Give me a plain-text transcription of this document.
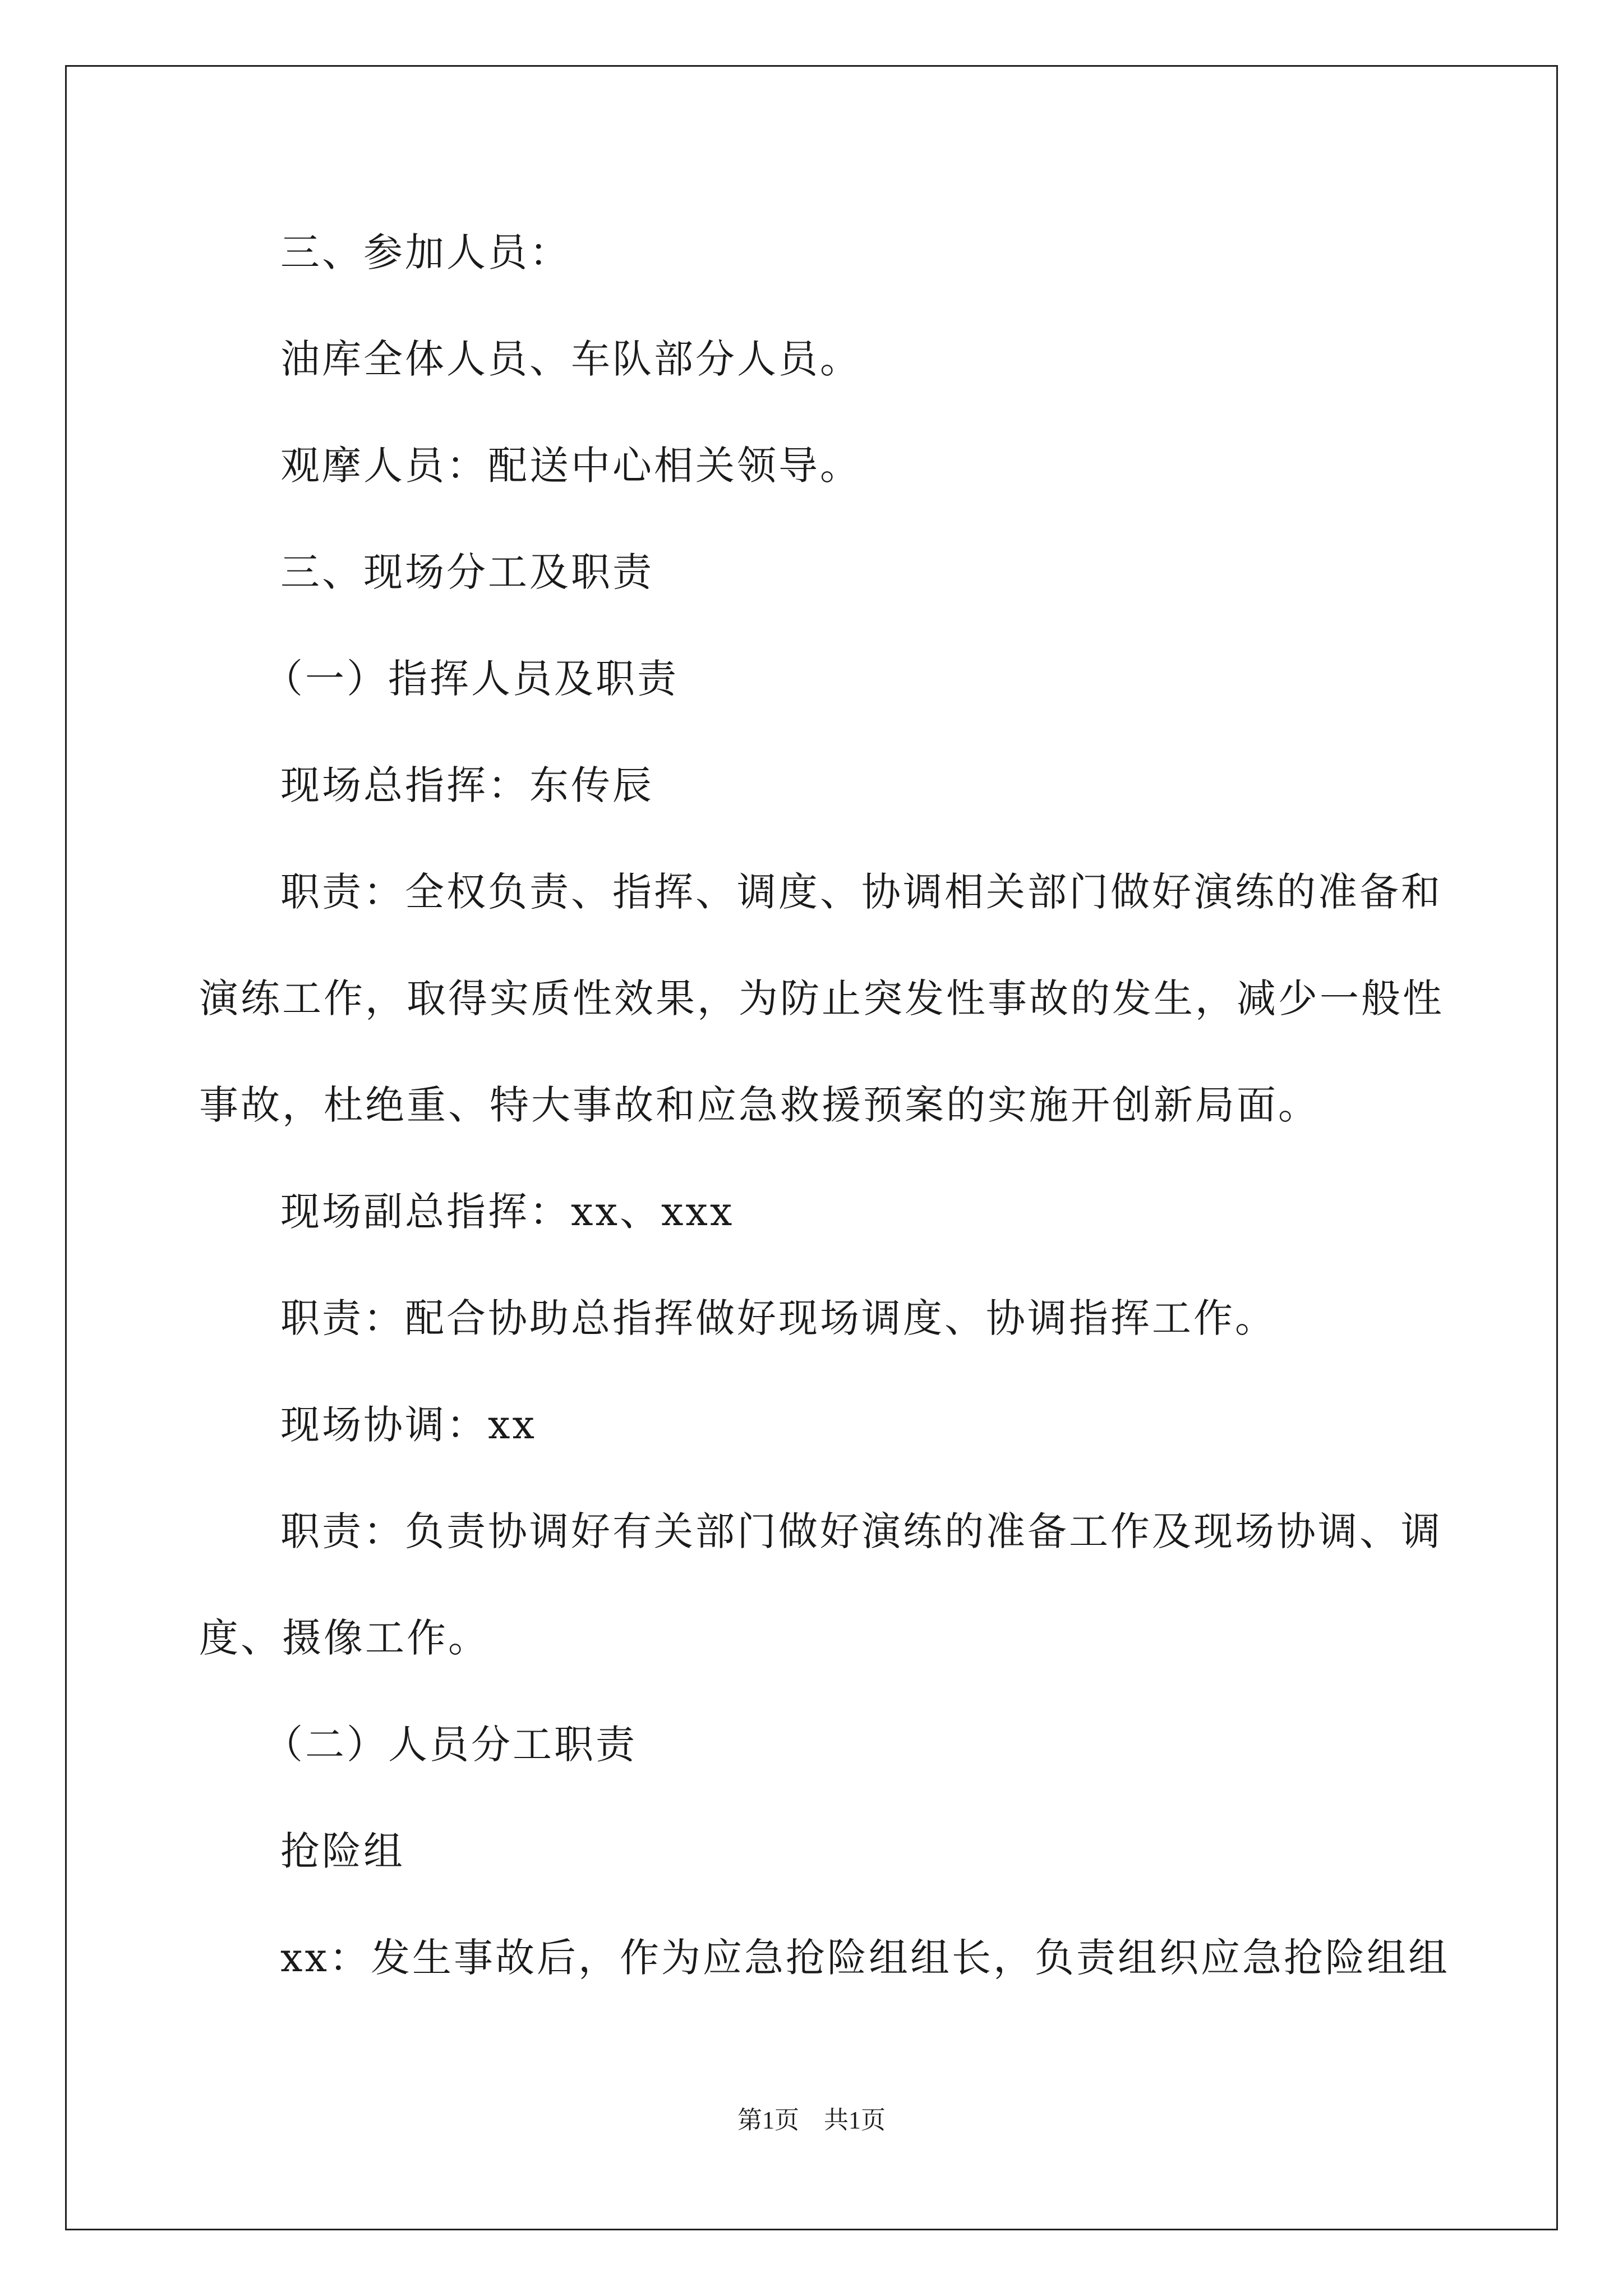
三、参加人员：
油库全体人员、车队部分人员。
观摩人员：配送中心相关领导。
三、现场分工及职责
（一）指挥人员及职责
现场总指挥：东传辰
职责：全权负责、指挥、调度、协调相关部门做好演练的准备和
演练工作，取得实质性效果，为防止突发性事故的发生，减少一般性
事故，杜绝重、特大事故和应急救援预案的实施开创新局面。
现场副总指挥：xx、xxx
职责：配合协助总指挥做好现场调度、协调指挥工作。
现场协调：xx
职责：负责协调好有关部门做好演练的准备工作及现场协调、调
度、摄像工作。
（二）人员分工职责
抢险组
xx：发生事故后，作为应急抢险组组长，负责组织应急抢险组组
第1页　共1页
